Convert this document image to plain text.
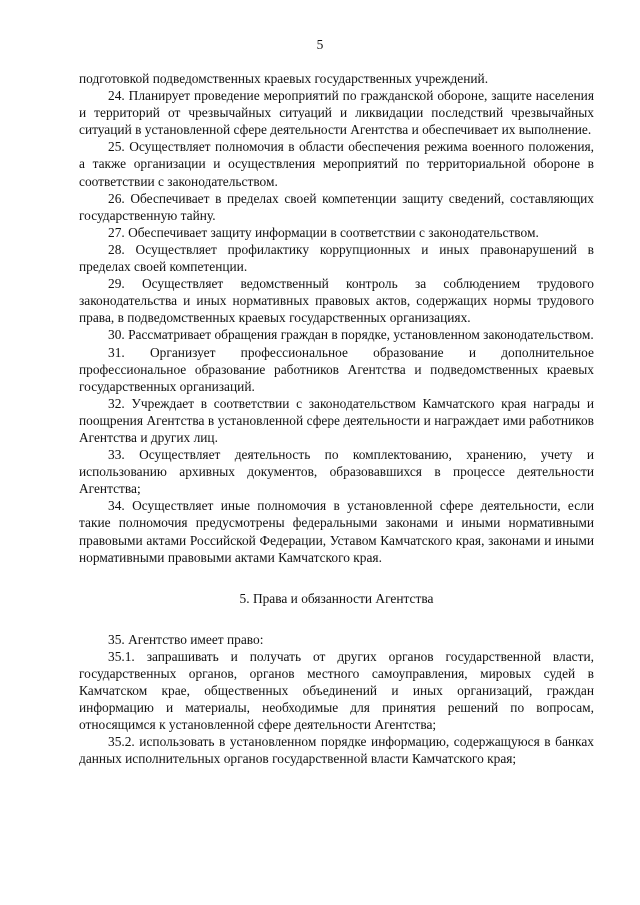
5

подготовкой подведомственных краевых государственных учреждений.

24. Планирует проведение мероприятий по гражданской обороне, защите населения и территорий от чрезвычайных ситуаций и ликвидации последствий чрезвычайных ситуаций в установленной сфере деятельности Агентства и обеспечивает их выполнение.

25. Осуществляет полномочия в области обеспечения режима военного положения, а также организации и осуществления мероприятий по территориальной обороне в соответствии с законодательством.

26. Обеспечивает в пределах своей компетенции защиту сведений, составляющих государственную тайну.

27. Обеспечивает защиту информации в соответствии с законодательством.

28. Осуществляет профилактику коррупционных и иных правонарушений в пределах своей компетенции.

29. Осуществляет ведомственный контроль за соблюдением трудового законодательства и иных нормативных правовых актов, содержащих нормы трудового права, в подведомственных краевых государственных организациях.

30. Рассматривает обращения граждан в порядке, установленном законодательством.

31. Организует профессиональное образование и дополнительное профессиональное образование работников Агентства и подведомственных краевых государственных организаций.

32. Учреждает в соответствии с законодательством Камчатского края награды и поощрения Агентства в установленной сфере деятельности и награждает ими работников Агентства и других лиц.

33. Осуществляет деятельность по комплектованию, хранению, учету и использованию архивных документов, образовавшихся в процессе деятельности Агентства;

34. Осуществляет иные полномочия в установленной сфере деятельности, если такие полномочия предусмотрены федеральными законами и иными нормативными правовыми актами Российской Федерации, Уставом Камчатского края, законами и иными нормативными правовыми актами Камчатского края.

5. Права и обязанности Агентства

35. Агентство имеет право:

35.1. запрашивать и получать от других органов государственной власти, государственных органов, органов местного самоуправления, мировых судей в Камчатском крае, общественных объединений и иных организаций, граждан информацию и материалы, необходимые для принятия решений по вопросам, относящимся к установленной сфере деятельности Агентства;

35.2. использовать в установленном порядке информацию, содержащуюся в банках данных исполнительных органов государственной власти Камчатского края;
